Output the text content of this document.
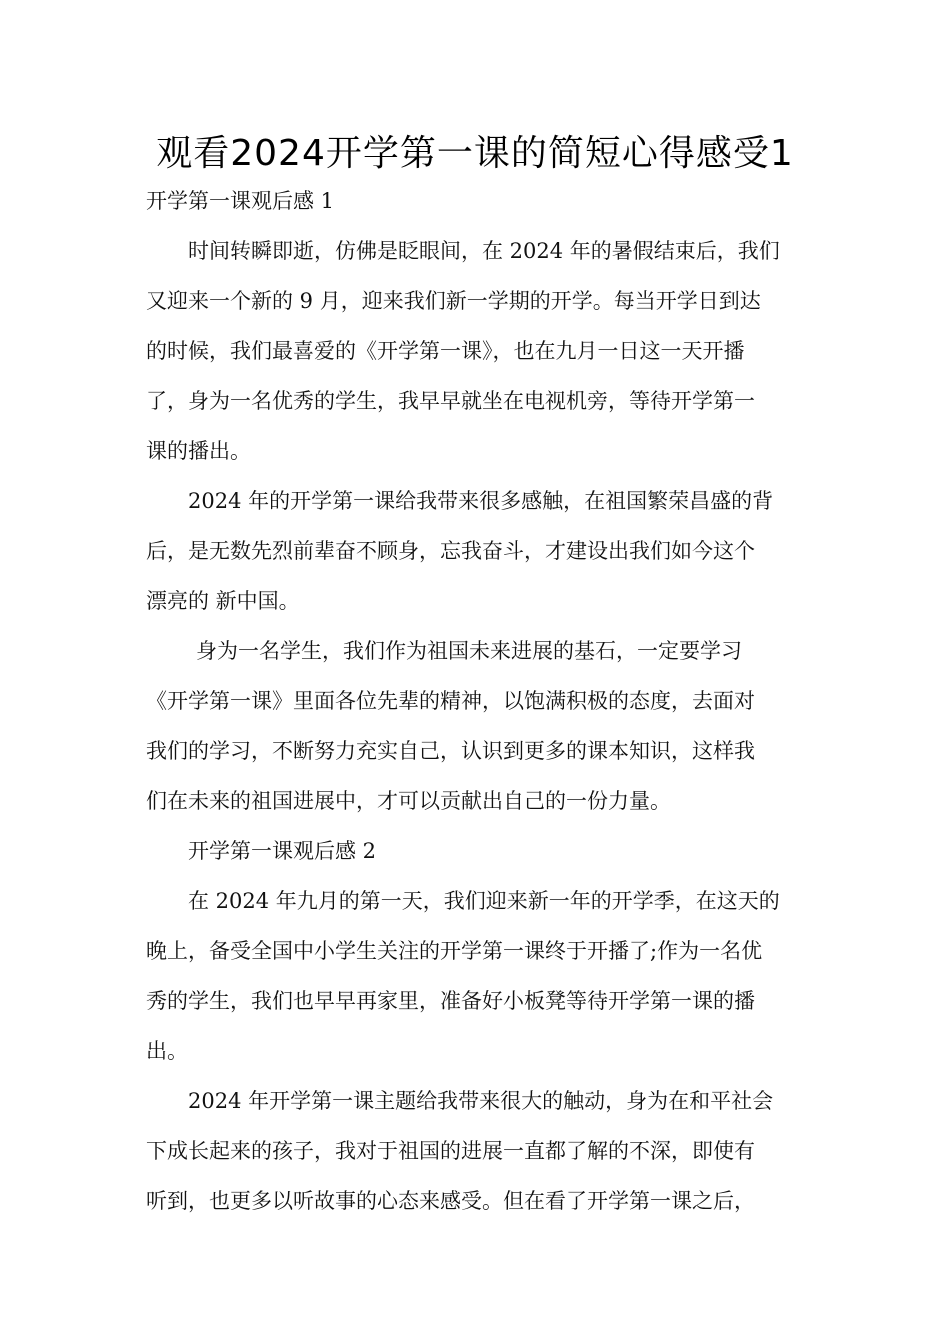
观看2024开学第一课的简短心得感受1
开学第一课观后感 1
时间转瞬即逝，仿佛是眨眼间，在 2024 年的暑假结束后，我们
又迎来一个新的 9 月，迎来我们新一学期的开学。每当开学日到达
的时候，我们最喜爱的《开学第一课》，也在九月一日这一天开播
了，身为一名优秀的学生，我早早就坐在电视机旁，等待开学第一
课的播出。
2024 年的开学第一课给我带来很多感触，在祖国繁荣昌盛的背
后，是无数先烈前辈奋不顾身，忘我奋斗，才建设出我们如今这个
漂亮的 新中国。
身为一名学生，我们作为祖国未来进展的基石，一定要学习
《开学第一课》里面各位先辈的精神，以饱满积极的态度，去面对
我们的学习，不断努力充实自己，认识到更多的课本知识，这样我
们在未来的祖国进展中，才可以贡献出自己的一份力量。
开学第一课观后感 2
在 2024 年九月的第一天，我们迎来新一年的开学季，在这天的
晚上，备受全国中小学生关注的开学第一课终于开播了;作为一名优
秀的学生，我们也早早再家里，准备好小板凳等待开学第一课的播
出。
2024 年开学第一课主题给我带来很大的触动，身为在和平社会
下成长起来的孩子，我对于祖国的进展一直都了解的不深，即使有
听到，也更多以听故事的心态来感受。但在看了开学第一课之后，
